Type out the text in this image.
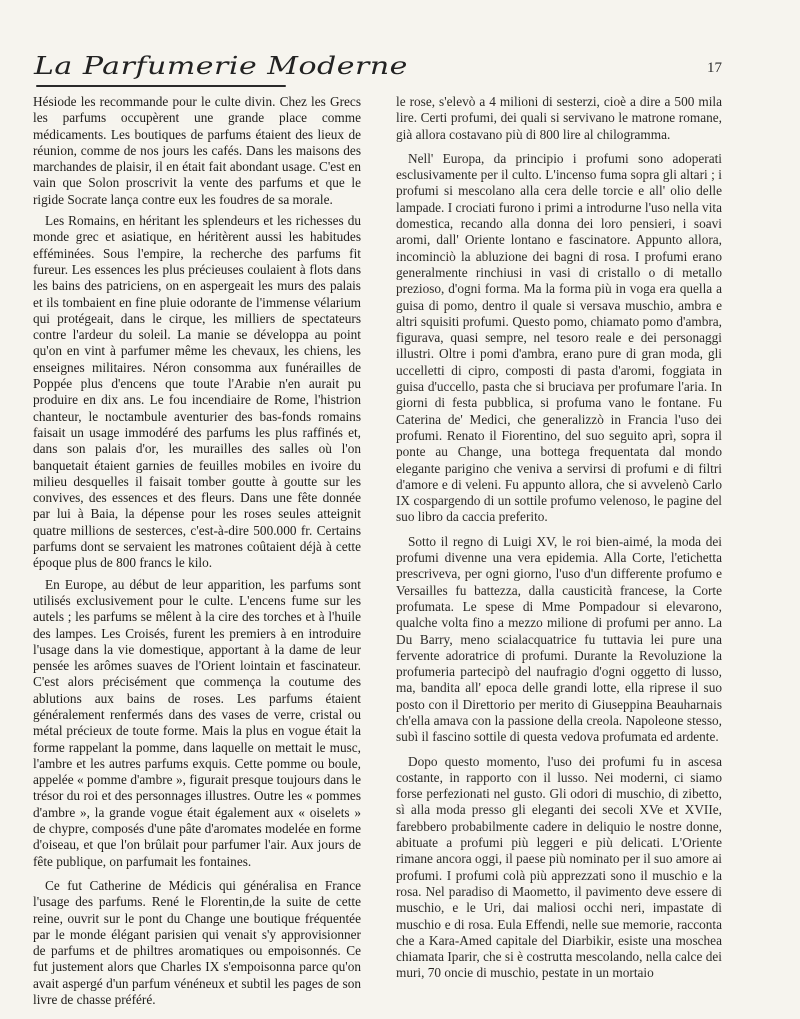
La Parfumerie Moderne	17

Hésiode les recommande pour le culte divin. Chez les Grecs les parfums occupèrent une grande place comme médicaments. Les boutiques de parfums étaient des lieux de réunion, comme de nos jours les cafés. Dans les maisons des marchandes de plaisir, il en était fait abondant usage. C'est en vain que Solon proscrivit la vente des parfums et que le rigide Socrate lança contre eux les foudres de sa morale.

Les Romains, en héritant les splendeurs et les richesses du monde grec et asiatique, en héritèrent aussi les habitudes efféminées. Sous l'empire, la recherche des parfums fit fureur. Les essences les plus précieuses coulaient à flots dans les bains des patriciens, on en aspergeait les murs des palais et ils tombaient en fine pluie odorante de l'immense vélarium qui protégeait, dans le cirque, les milliers de spectateurs contre l'ardeur du soleil. La manie se développa au point qu'on en vint à parfumer même les chevaux, les chiens, les enseignes militaires. Néron consomma aux funérailles de Poppée plus d'encens que toute l'Arabie n'en aurait pu produire en dix ans. Le fou incendiaire de Rome, l'histrion chanteur, le noctambule aventurier des bas-fonds romains faisait un usage immodéré des parfums les plus raffinés et, dans son palais d'or, les murailles des salles où l'on banquetait étaient garnies de feuilles mobiles en ivoire du milieu desquelles il faisait tomber goutte à goutte sur les convives, des essences et des fleurs. Dans une fête donnée par lui à Baia, la dépense pour les roses seules atteignit quatre millions de sesterces, c'est-à-dire 500.000 fr. Certains parfums dont se servaient les matrones coûtaient déjà à cette époque plus de 800 francs le kilo.

En Europe, au début de leur apparition, les parfums sont utilisés exclusivement pour le culte. L'encens fume sur les autels ; les parfums se mêlent à la cire des torches et à l'huile des lampes. Les Croisés, furent les premiers à en introduire l'usage dans la vie domestique, apportant à la dame de leur pensée les arômes suaves de l'Orient lointain et fascinateur. C'est alors précisément que commença la coutume des ablutions aux bains de roses. Les parfums étaient généralement renfermés dans des vases de verre, cristal ou métal précieux de toute forme. Mais la plus en vogue était la forme rappelant la pomme, dans laquelle on mettait le musc, l'ambre et les autres parfums exquis. Cette pomme ou boule, appelée « pomme d'ambre », figurait presque toujours dans le trésor du roi et des personnages illustres. Outre les « pommes d'ambre », la grande vogue était également aux « oiselets » de chypre, composés d'une pâte d'aromates modelée en forme d'oiseau, et que l'on brûlait pour parfumer l'air. Aux jours de fête publique, on parfumait les fontaines.

Ce fut Catherine de Médicis qui généralisa en France l'usage des parfums. René le Florentin,de la suite de cette reine, ouvrit sur le pont du Change une boutique fréquentée par le monde élégant parisien qui venait s'y approvisionner de parfums et de philtres aromatiques ou empoisonnés. Ce fut justement alors que Charles IX s'empoisonna parce qu'on avait aspergé d'un parfum vénéneux et subtil les pages de son livre de chasse préféré.

le rose, s'elevò a 4 milioni di sesterzi, cioè a dire a 500 mila lire. Certi profumi, dei quali si servivano le matrone romane, già allora costavano più di 800 lire al chilogramma.

Nell' Europa, da principio i profumi sono adoperati esclusivamente per il culto. L'incenso fuma sopra gli altari ; i profumi si mescolano alla cera delle torcie e all' olio delle lampade. I crociati furono i primi a introdurne l'uso nella vita domestica, recando alla donna dei loro pensieri, i soavi aromi, dall' Oriente lontano e fascinatore. Appunto allora, incominciò la abluzione dei bagni di rosa. I profumi erano generalmente rinchiusi in vasi di cristallo o di metallo prezioso, d'ogni forma. Ma la forma più in voga era quella a guisa di pomo, dentro il quale si versava muschio, ambra e altri squisiti profumi. Questo pomo, chiamato pomo d'ambra, figurava, quasi sempre, nel tesoro reale e dei personaggi illustri. Oltre i pomi d'ambra, erano pure di gran moda, gli uccelletti di cipro, composti di pasta d'aromi, foggiata in guisa d'uccello, pasta che si bruciava per profumare l'aria. In giorni di festa pubblica, si profuma vano le fontane. Fu Caterina de' Medici, che generalizzò in Francia l'uso dei profumi. Renato il Fiorentino, del suo seguito aprì, sopra il ponte au Change, una bottega frequentata dal mondo elegante parigino che veniva a servirsi di profumi e di filtri d'amore e di veleni. Fu appunto allora, che si avvelenò Carlo IX cospargendo di un sottile profumo velenoso, le pagine del suo libro da caccia preferito.

Sotto il regno di Luigi XV, le roi bien-aimé, la moda dei profumi divenne una vera epidemia. Alla Corte, l'etichetta prescriveva, per ogni giorno, l'uso d'un differente profumo e Versailles fu battezza, dalla causticità francese, la Corte profumata. Le spese di Mme Pompadour si elevarono, qualche volta fino a mezzo milione di profumi per anno. La Du Barry, meno scialacquatrice fu tuttavia lei pure una fervente adoratrice di profumi. Durante la Revoluzione la profumeria partecipò del naufragio d'ogni oggetto di lusso, ma, bandita all' epoca delle grandi lotte, ella riprese il suo posto con il Direttorio per merito di Giuseppina Beauharnais ch'ella amava con la passione della creola. Napoleone stesso, subì il fascino sottile di questa vedova profumata ed ardente.

Dopo questo momento, l'uso dei profumi fu in ascesa costante, in rapporto con il lusso. Nei moderni, ci siamo forse perfezionati nel gusto. Gli odori di muschio, di zibetto, sì alla moda presso gli eleganti dei secoli XVe et XVIIe, farebbero probabilmente cadere in deliquio le nostre donne, abituate a profumi più leggeri e più delicati. L'Oriente rimane ancora oggi, il paese più nominato per il suo amore ai profumi. I profumi colà più apprezzati sono il muschio e la rosa. Nel paradiso di Maometto, il pavimento deve essere di muschio, e le Uri, dai maliosi occhi neri, impastate di muschio e di rosa. Eula Effendi, nelle sue memorie, racconta che a Kara-Amed capitale del Diarbikir, esiste una moschea chiamata Iparir, che si è costrutta mescolando, nella calce dei muri, 70 oncie di muschio, pestate in un mortaio
